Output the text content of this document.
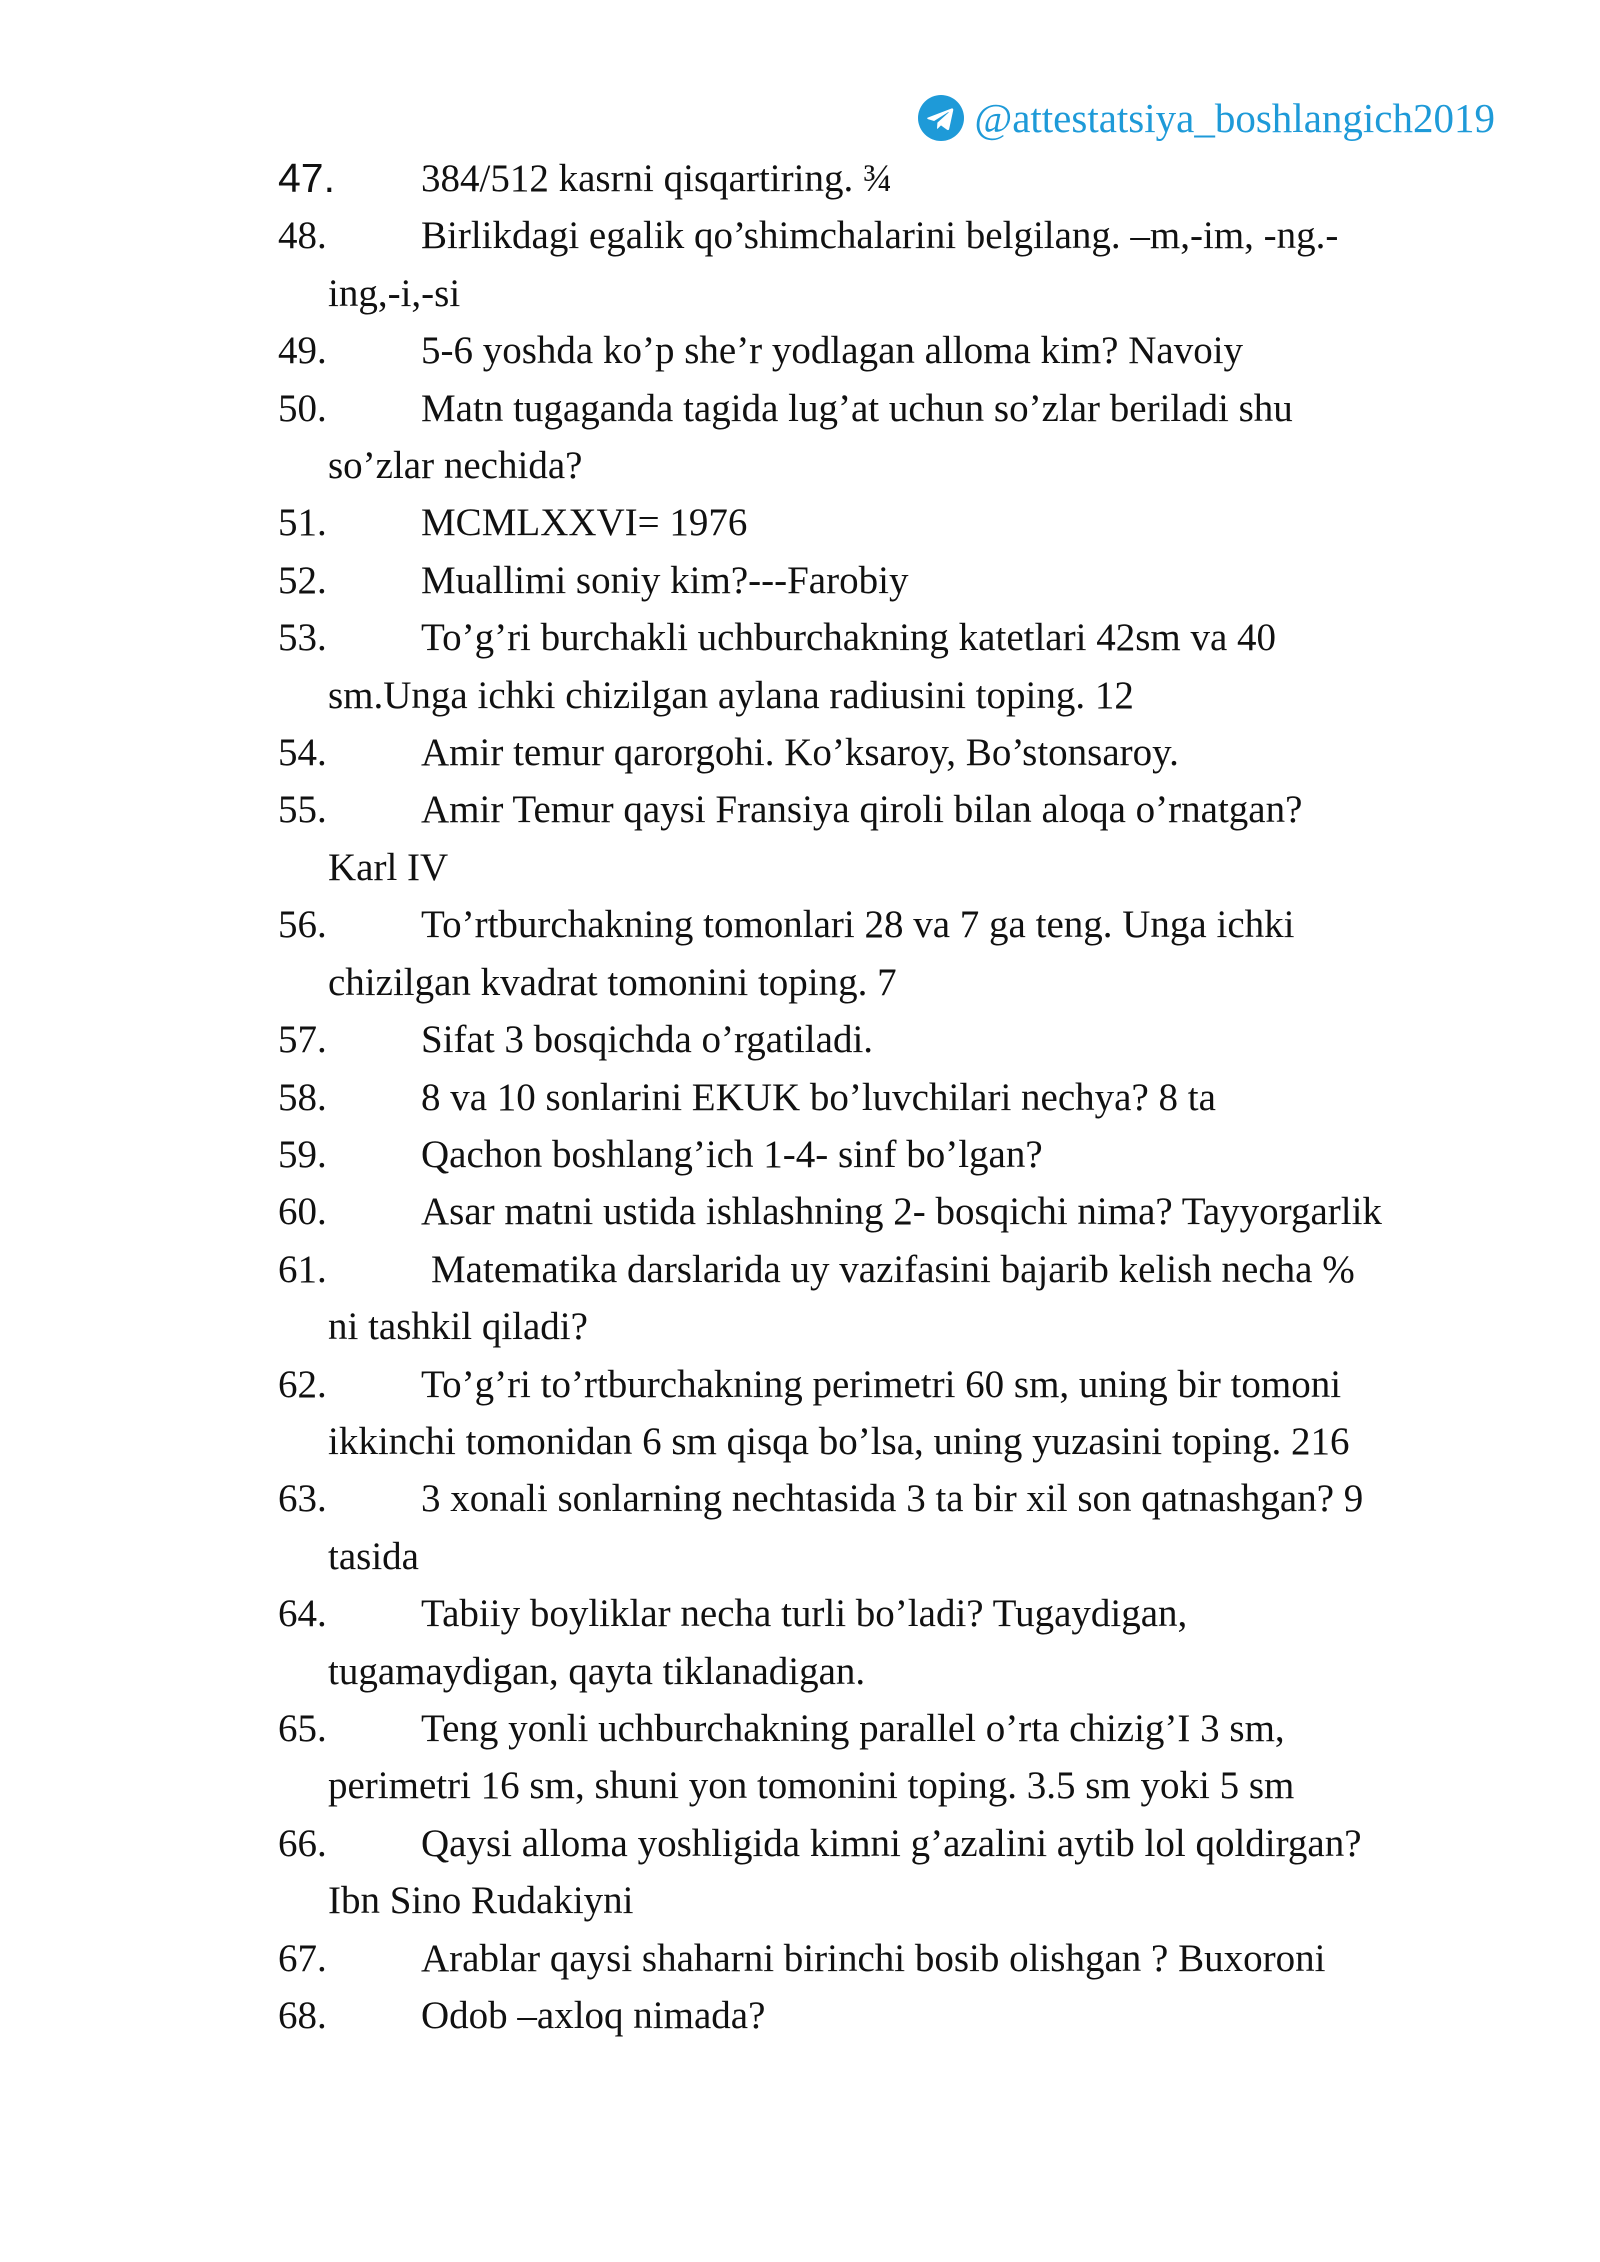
@attestatsiya_boshlangich2019
47.	384/512 kasrni qisqartiring. ¾
48.	Birlikdagi egalik qo’shimchalarini belgilang. –m,-im, -ng.-
ing,-i,-si
49.	5-6 yoshda ko’p she’r yodlagan alloma kim? Navoiy
50.	Matn tugaganda tagida lug’at uchun so’zlar beriladi shu
so’zlar nechida?
51.	MCMLXXVI= 1976
52.	Muallimi soniy kim?---Farobiy
53.	To’g’ri burchakli uchburchakning katetlari 42sm va 40
sm.Unga ichki chizilgan aylana radiusini toping. 12
54.	Amir temur qarorgohi. Ko’ksaroy, Bo’stonsaroy.
55.	Amir Temur qaysi Fransiya qiroli bilan aloqa o’rnatgan?
Karl IV
56.	To’rtburchakning tomonlari 28 va 7 ga teng. Unga ichki
chizilgan kvadrat tomonini toping. 7
57.	Sifat 3 bosqichda o’rgatiladi.
58.	8 va 10 sonlarini EKUK bo’luvchilari nechya? 8 ta
59.	Qachon boshlang’ich 1-4- sinf bo’lgan?
60.	Asar matni ustida ishlashning 2- bosqichi nima? Tayyorgarlik
61.	Matematika darslarida uy vazifasini bajarib kelish necha %
ni tashkil qiladi?
62.	To’g’ri to’rtburchakning perimetri 60 sm, uning bir tomoni
ikkinchi tomonidan 6 sm qisqa bo’lsa, uning yuzasini toping. 216
63.	3 xonali sonlarning nechtasida 3 ta bir xil son qatnashgan? 9
tasida
64.	Tabiiy boyliklar necha turli bo’ladi? Tugaydigan,
tugamaydigan, qayta tiklanadigan.
65.	Teng yonli uchburchakning parallel o’rta chizig’I 3 sm,
perimetri 16 sm, shuni yon tomonini toping. 3.5 sm yoki 5 sm
66.	Qaysi alloma yoshligida kimni g’azalini aytib lol qoldirgan?
Ibn Sino Rudakiyni
67.	Arablar qaysi shaharni birinchi bosib olishgan ? Buxoroni
68.	Odob –axloq nimada?
